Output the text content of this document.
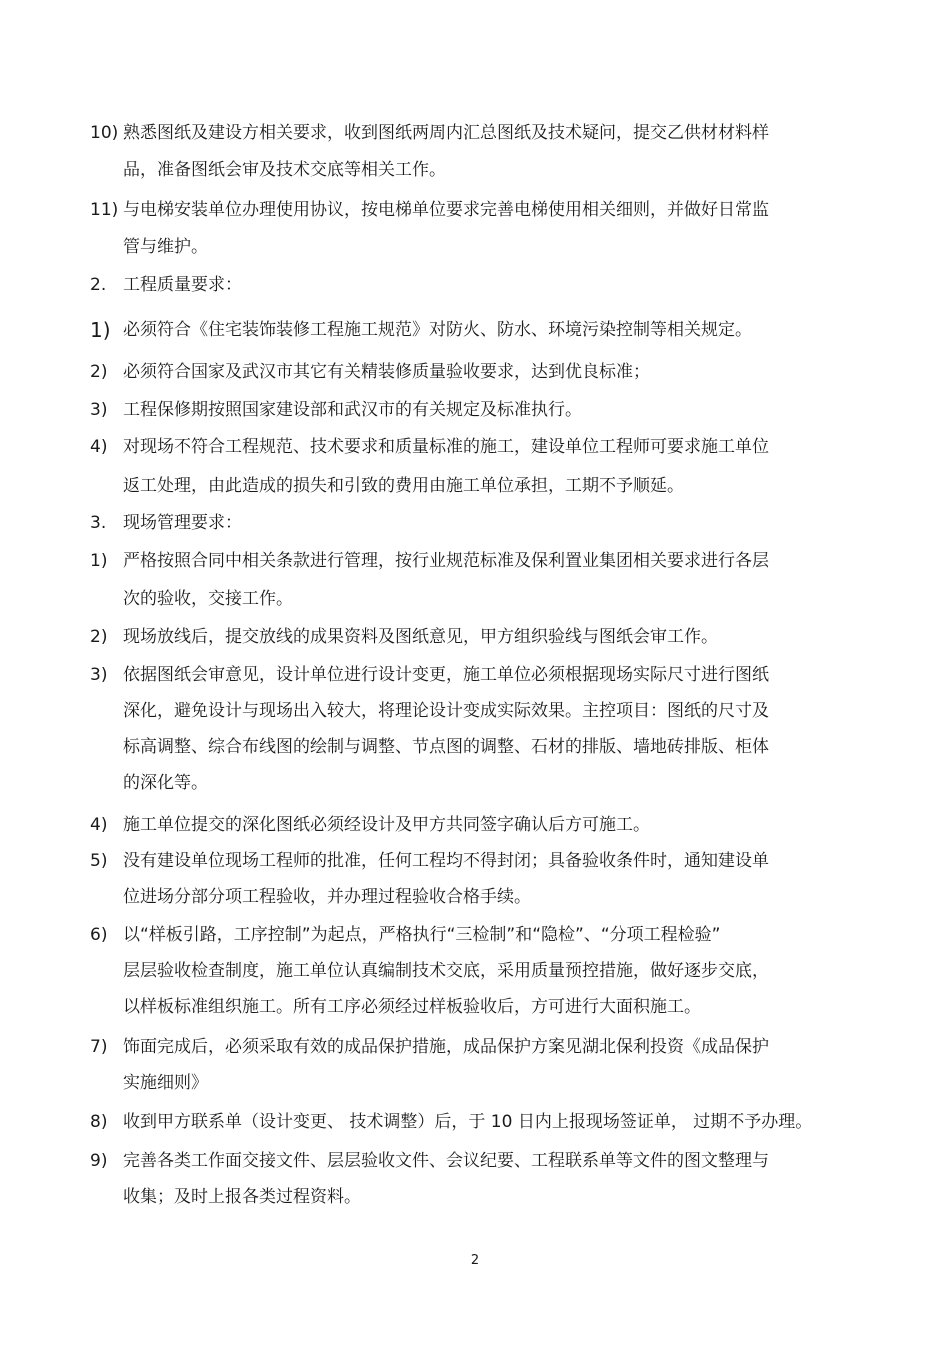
10) 熟悉图纸及建设方相关要求，收到图纸两周内汇总图纸及技术疑问，提交乙供材材料样
品，准备图纸会审及技术交底等相关工作。
11) 与电梯安装单位办理使用协议，按电梯单位要求完善电梯使用相关细则，并做好日常监
管与维护。
2. 工程质量要求：
1) 必须符合《住宅装饰装修工程施工规范》对防火、防水、环境污染控制等相关规定。
2) 必须符合国家及武汉市其它有关精装修质量验收要求，达到优良标准；
3) 工程保修期按照国家建设部和武汉市的有关规定及标准执行。
4) 对现场不符合工程规范、技术要求和质量标准的施工，建设单位工程师可要求施工单位
返工处理，由此造成的损失和引致的费用由施工单位承担，工期不予顺延。
3. 现场管理要求：
1) 严格按照合同中相关条款进行管理，按行业规范标准及保利置业集团相关要求进行各层
次的验收，交接工作。
2) 现场放线后，提交放线的成果资料及图纸意见，甲方组织验线与图纸会审工作。
3) 依据图纸会审意见，设计单位进行设计变更，施工单位必须根据现场实际尺寸进行图纸
深化，避免设计与现场出入较大，将理论设计变成实际效果。主控项目：图纸的尺寸及
标高调整、综合布线图的绘制与调整、节点图的调整、石材的排版、墙地砖排版、柜体
的深化等。
4) 施工单位提交的深化图纸必须经设计及甲方共同签字确认后方可施工。
5) 没有建设单位现场工程师的批准，任何工程均不得封闭；具备验收条件时，通知建设单
位进场分部分项工程验收，并办理过程验收合格手续。
6) 以“样板引路，工序控制”为起点，严格执行“三检制”和“隐检”、“分项工程检验”
层层验收检查制度，施工单位认真编制技术交底，采用质量预控措施，做好逐步交底，
以样板标准组织施工。所有工序必须经过样板验收后，方可进行大面积施工。
7) 饰面完成后，必须采取有效的成品保护措施，成品保护方案见湖北保利投资《成品保护
实施细则》
8) 收到甲方联系单（设计变更、 技术调整）后，于 10 日内上报现场签证单， 过期不予办理。
9) 完善各类工作面交接文件、层层验收文件、会议纪要、工程联系单等文件的图文整理与
收集；及时上报各类过程资料。
2
